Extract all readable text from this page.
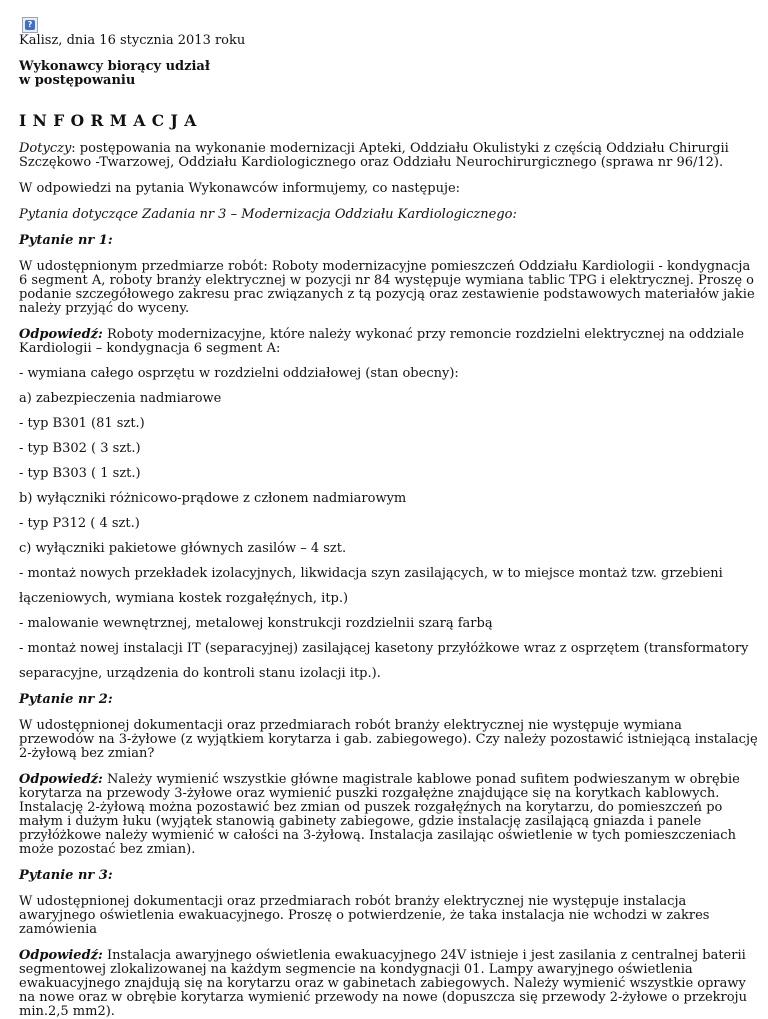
?

Kalisz, dnia 16 stycznia 2013 roku

Wykonawcy biorący udział
w postępowaniu

INFORMACJA

Dotyczy: postępowania na wykonanie modernizacji Apteki, Oddziału Okulistyki z częścią Oddziału Chirurgii Szczękowo -Twarzowej, Oddziału Kardiologicznego oraz Oddziału Neurochirurgicznego (sprawa nr 96/12).

W odpowiedzi na pytania Wykonawców informujemy, co następuje:

Pytania dotyczące Zadania nr 3 – Modernizacja Oddziału Kardiologicznego:

Pytanie nr 1:

W udostępnionym przedmiarze robót: Roboty modernizacyjne pomieszczeń Oddziału Kardiologii - kondygnacja 6 segment A, roboty branży elektrycznej w pozycji nr 84 występuje wymiana tablic TPG i elektrycznej. Proszę o podanie szczegółowego zakresu prac związanych z tą pozycją oraz zestawienie podstawowych materiałów jakie należy przyjąć do wyceny.

Odpowiedź: Roboty modernizacyjne, które należy wykonać przy remoncie rozdzielni elektrycznej na oddziale Kardiologii – kondygnacja 6 segment A:

- wymiana całego osprzętu w rozdzielni oddziałowej (stan obecny):

a) zabezpieczenia nadmiarowe

- typ B301 (81 szt.)

- typ B302 ( 3 szt.)

- typ B303 ( 1 szt.)

b) wyłączniki różnicowo-prądowe z członem nadmiarowym

- typ P312 ( 4 szt.)

c) wyłączniki pakietowe głównych zasilów – 4 szt.

- montaż nowych przekładek izolacyjnych, likwidacja szyn zasilających, w to miejsce montaż tzw. grzebieni

łączeniowych, wymiana kostek rozgałęźnych, itp.)

- malowanie wewnętrznej, metalowej konstrukcji rozdzielnii szarą farbą

- montaż nowej instalacji IT (separacyjnej) zasilającej kasetony przyłóżkowe wraz z osprzętem (transformatory

separacyjne, urządzenia do kontroli stanu izolacji itp.).

Pytanie nr 2:

W udostępnionej dokumentacji oraz przedmiarach robót branży elektrycznej nie występuje wymiana przewodów na 3-żyłowe (z wyjątkiem korytarza i gab. zabiegowego). Czy należy pozostawić istniejącą instalację 2-żyłową bez zmian?

Odpowiedź: Należy wymienić wszystkie główne magistrale kablowe ponad sufitem podwieszanym w obrębie korytarza na przewody 3-żyłowe oraz wymienić puszki rozgałężne znajdujące się na korytkach kablowych. Instalację 2-żyłową można pozostawić bez zmian od puszek rozgałęźnych na korytarzu, do pomieszczeń po małym i dużym łuku (wyjątek stanowią gabinety zabiegowe, gdzie instalację zasilającą gniazda i panele przyłóżkowe należy wymienić w całości na 3-żyłową. Instalacja zasilając oświetlenie w tych pomieszczeniach może pozostać bez zmian).

Pytanie nr 3:

W udostępnionej dokumentacji oraz przedmiarach robót branży elektrycznej nie występuje instalacja awaryjnego oświetlenia ewakuacyjnego. Proszę o potwierdzenie, że taka instalacja nie wchodzi w zakres zamówienia

Odpowiedź: Instalacja awaryjnego oświetlenia ewakuacyjnego 24V istnieje i jest zasilania z centralnej baterii segmentowej zlokalizowanej na każdym segmencie na kondygnacji 01. Lampy awaryjnego oświetlenia ewakuacyjnego znajdują się na korytarzu oraz w gabinetach zabiegowych. Należy wymienić wszystkie oprawy na nowe oraz w obrębie korytarza wymienić przewody na nowe (dopuszcza się przewody 2-żyłowe o przekroju min.2,5 mm2).
